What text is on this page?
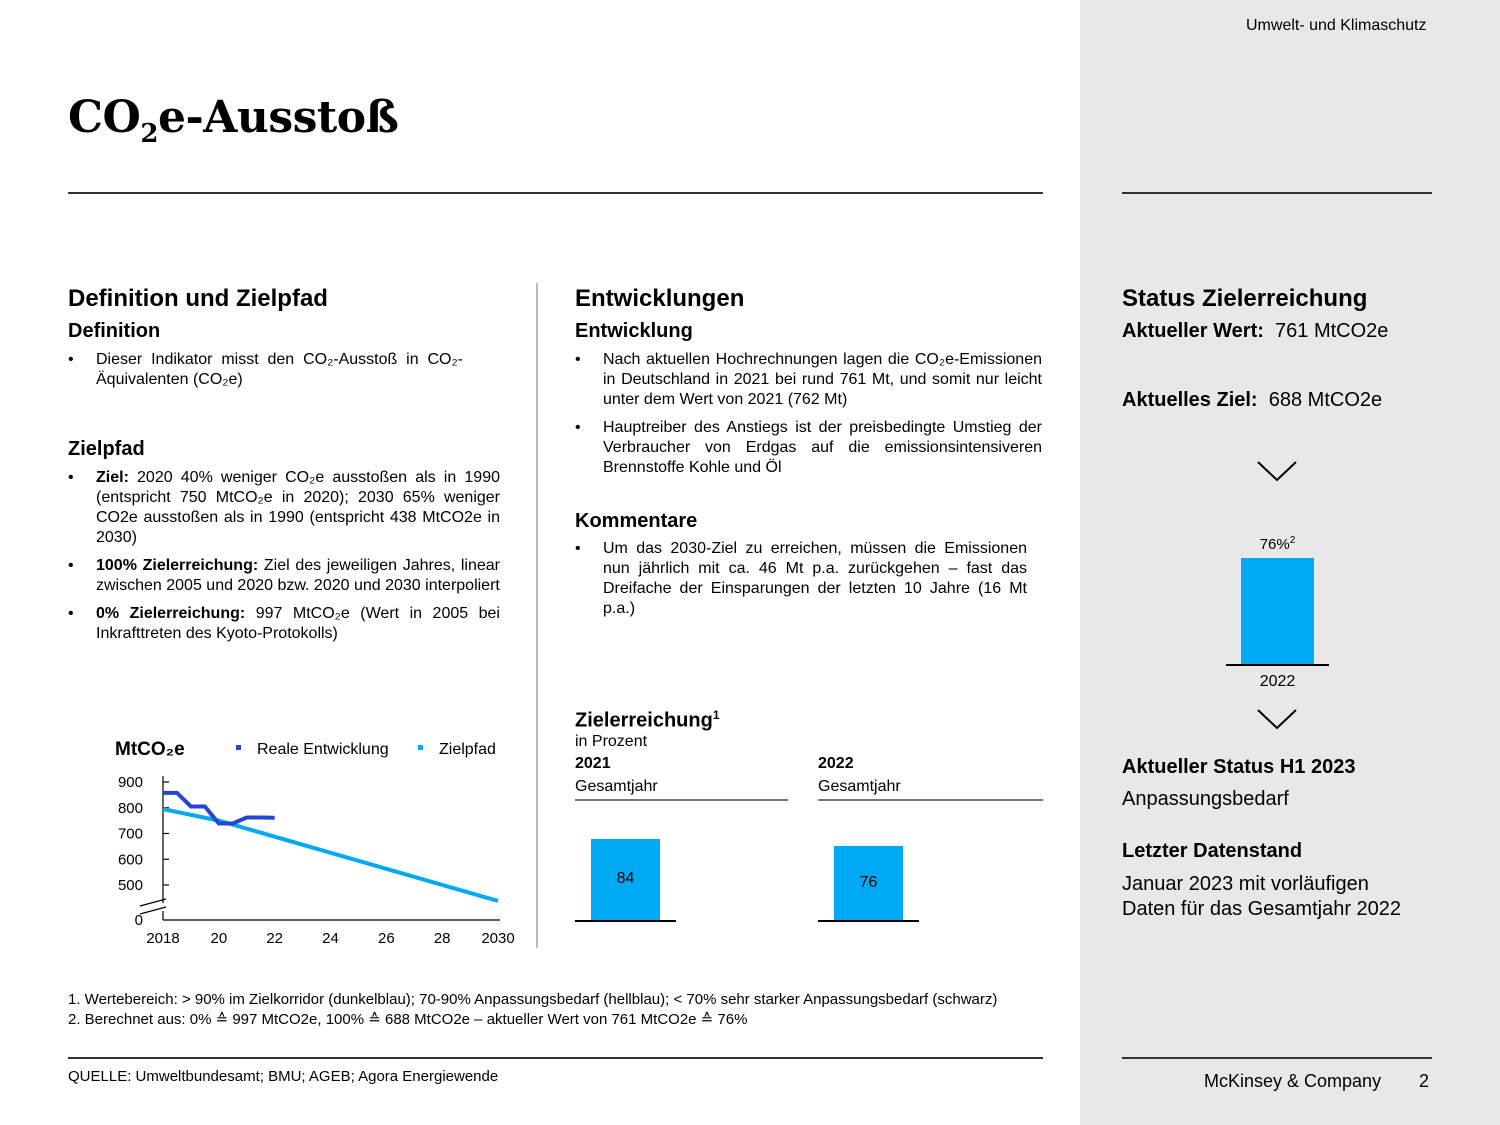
Umwelt- und Klimaschutz
$CO_2e$-Ausstoß
Definition und Zielpfad
Definition
• Dieser Indikator misst den CO₂-Ausstoß in CO₂-Äquivalenten (CO₂e)
Zielpfad
• Ziel: 2020 40% weniger CO₂e ausstoßen als in 1990 (entspricht 750 MtCO₂e in 2020); 2030 65% weniger CO2e ausstoßen als in 1990 (entspricht 438 MtCO2e in 2030)
• 100% Zielerreichung: Ziel des jeweiligen Jahres, linear zwischen 2005 und 2020 bzw. 2020 und 2030 interpoliert
• 0% Zielerreichung: 997 MtCO₂e (Wert in 2005 bei Inkrafttreten des Kyoto-Protokolls)
MtCO₂e	Reale Entwicklung	Zielpfad
900
800
700
600
500
0
2018 20	22	24	26	28 2030
Entwicklungen
Entwicklung
• Nach aktuellen Hochrechnungen lagen die CO₂e-Emissionen in Deutschland in 2021 bei rund 761 Mt, und somit nur leicht unter dem Wert von 2021 (762 Mt)
• Hauptreiber des Anstiegs ist der preisbedingte Umstieg der Verbraucher von Erdgas auf die emissionsintensiveren Brennstoffe Kohle und Öl
Kommentare
• Um das 2030-Ziel zu erreichen, müssen die Emissionen nun jährlich mit ca. 46 Mt p.a. zurückgehen – fast das Dreifache der Einsparungen der letzten 10 Jahre (16 Mt p.a.)
Zielerreichung$^1$
in Prozent
2021
Gesamtjahr
2022
Gesamtjahr
84	76
Status Zielerreichung
Aktueller Wert: 761 MtCO2e
Aktuelles Ziel: 688 MtCO2e
76%$^2$
2022
Aktueller Status H1 2023
Anpassungsbedarf
Letzter Datenstand
Januar 2023 mit vorläufigen Daten für das Gesamtjahr 2022
1. Wertebereich: > 90% im Zielkorridor (dunkelblau); 70-90% Anpassungsbedarf (hellblau); < 70% sehr starker Anpassungsbedarf (schwarz)
2. Berechnet aus: 0% ≙ 997 MtCO2e, 100% ≙ 688 MtCO2e – aktueller Wert von 761 MtCO2e ≙ 76%
QUELLE: Umweltbundesamt; BMU; AGEB; Agora Energiewende	McKinsey & Company 2
